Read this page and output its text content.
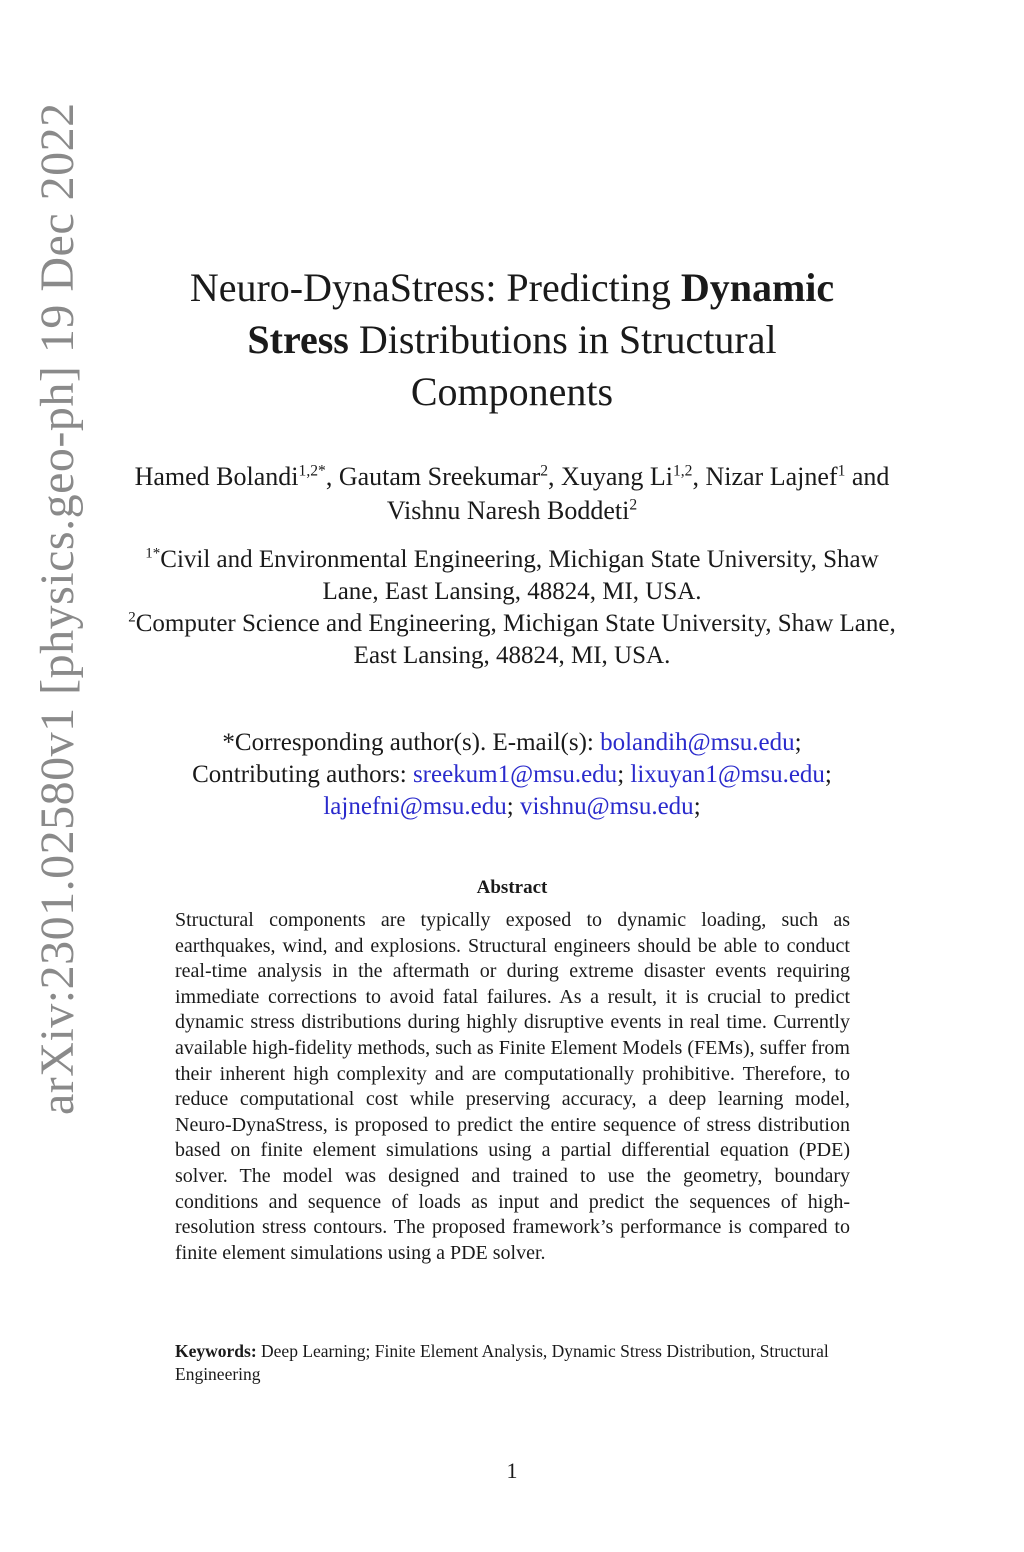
arXiv:2301.02580v1 [physics.geo-ph] 19 Dec 2022	Neuro-DynaStress: Predicting Dynamic
Stress Distributions in Structural
Components
Hamed Bolandi$^{1,2*}$, Gautam Sreekumar$^2$, Xuyang Li$^{1,2}$, Nizar Lajnef$^1$ and Vishnu Naresh Boddeti$^2$
$^{1*}$Civil and Environmental Engineering, Michigan State University, Shaw Lane, East Lansing, 48824, MI, USA.
$^2$Computer Science and Engineering, Michigan State University, Shaw Lane, East Lansing, 48824, MI, USA.
*Corresponding author(s). E-mail(s): bolandih@msu.edu;
Contributing authors: sreekum1@msu.edu; lixuyan1@msu.edu;
lajnefni@msu.edu; vishnu@msu.edu;
Abstract
Structural components are typically exposed to dynamic loading, such as earthquakes, wind, and explosions. Structural engineers should be able to conduct real-time analysis in the aftermath or during extreme disaster events requiring immediate corrections to avoid fatal failures. As a result, it is crucial to predict dynamic stress distributions during highly disruptive events in real time. Currently available high-fidelity methods, such as Finite Element Models (FEMs), suffer from their inherent high complexity and are computationally prohibitive. Therefore, to reduce computational cost while preserving accuracy, a deep learning model, Neuro-DynaStress, is proposed to predict the entire sequence of stress distribution based on finite element simulations using a partial differential equation (PDE) solver. The model was designed and trained to use the geometry, boundary conditions and sequence of loads as input and predict the sequences of high-resolution stress contours. The proposed framework’s performance is compared to finite element simulations using a PDE solver.
Keywords: Deep Learning; Finite Element Analysis, Dynamic Stress Distribution, Structural Engineering
1
